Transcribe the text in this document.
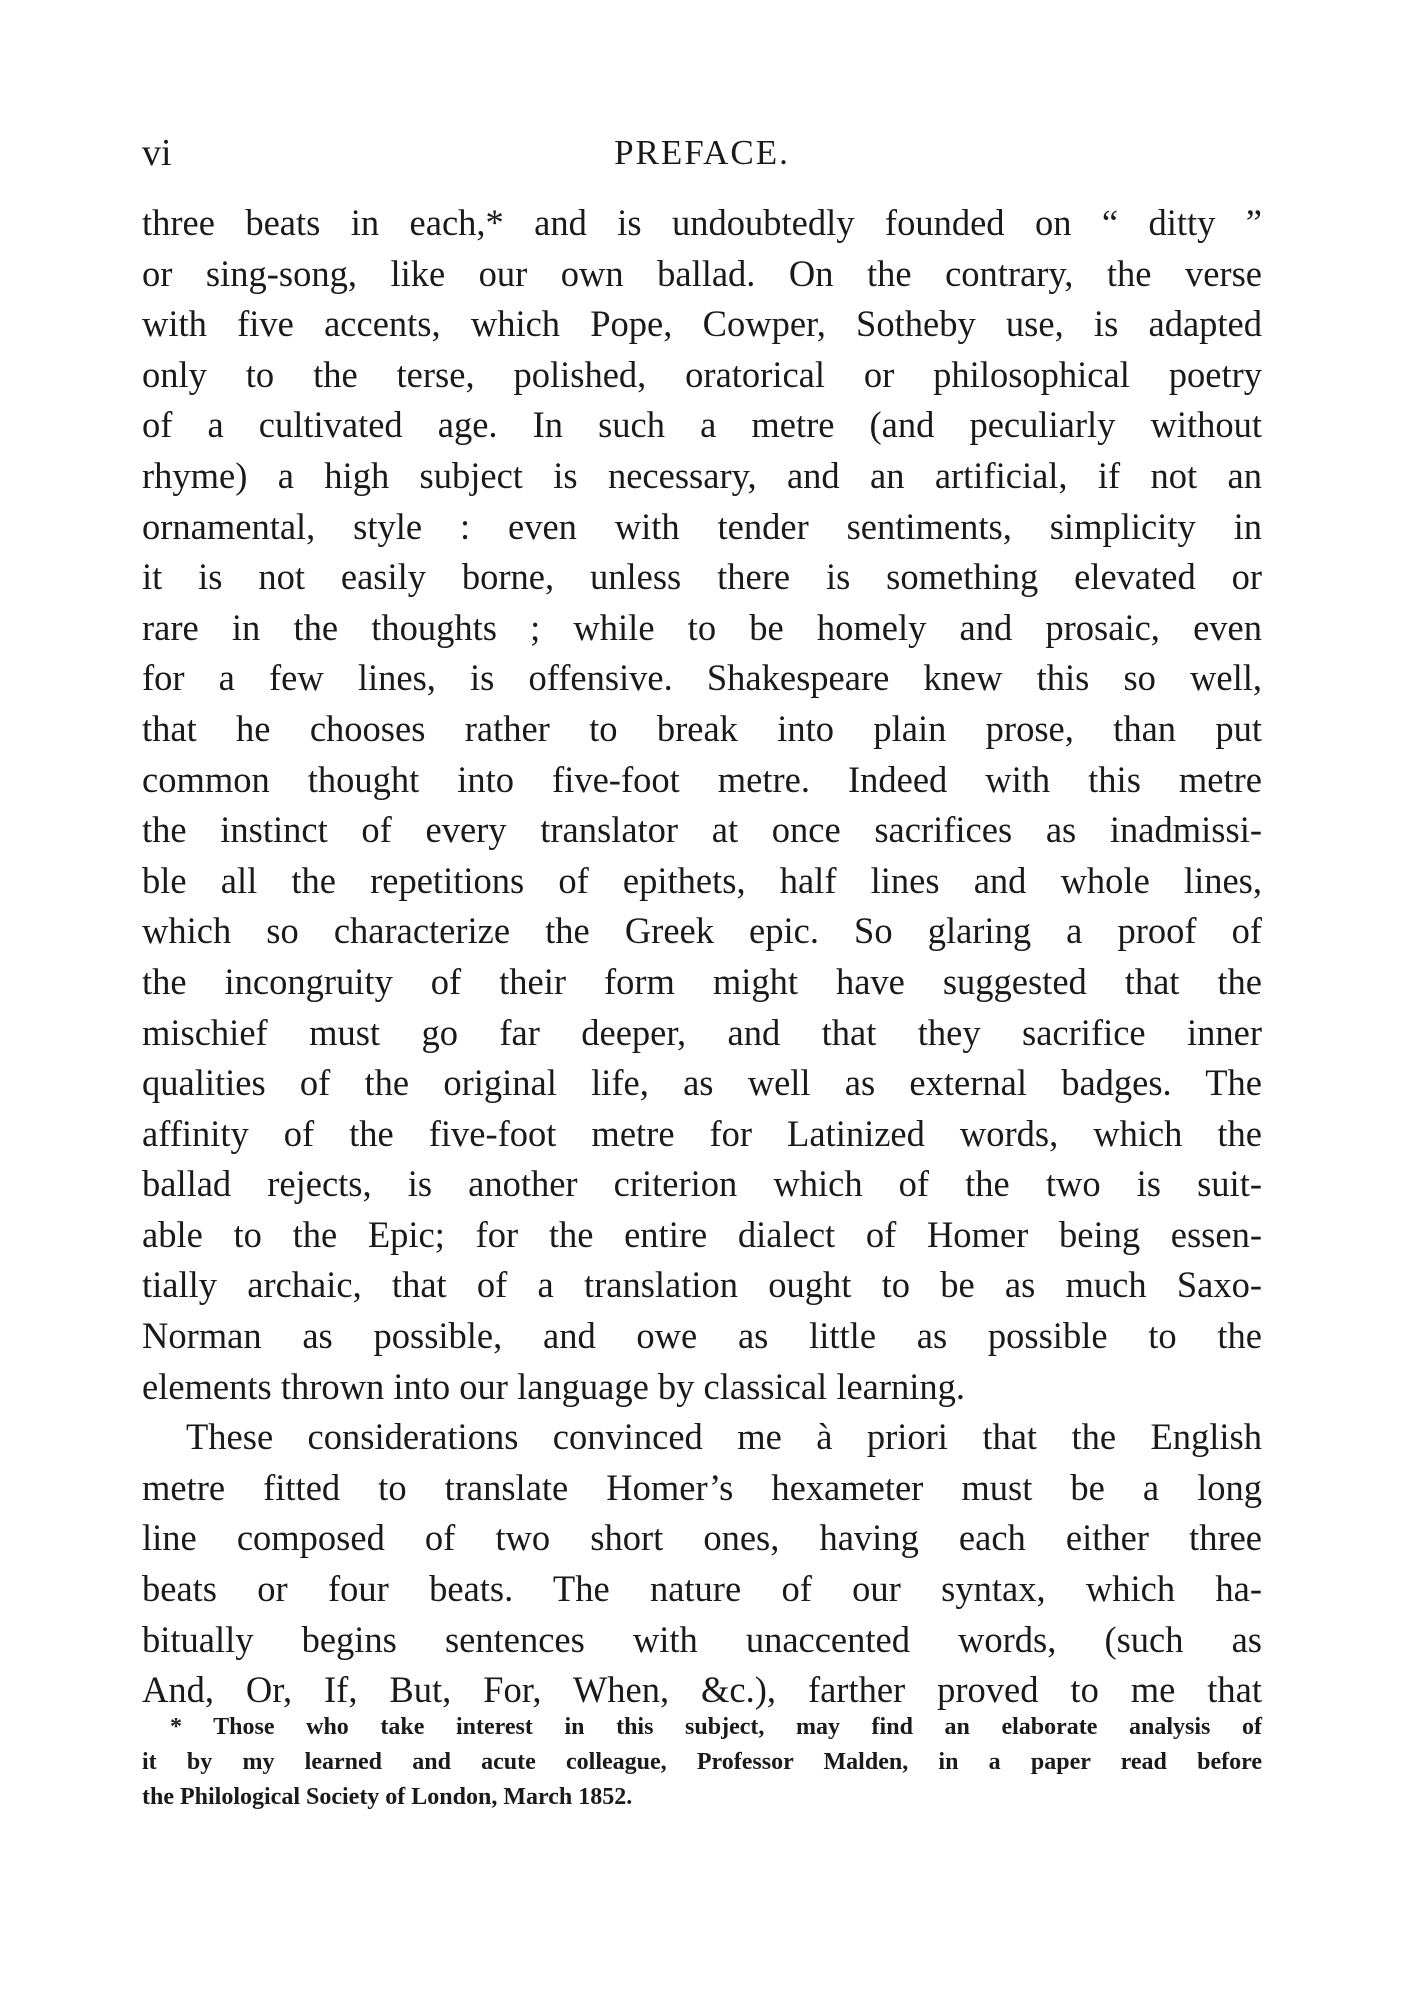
vi	PREFACE.
three beats in each,* and is undoubtedly founded on “ ditty ”
or sing-song, like our own ballad. On the contrary, the verse
with five accents, which Pope, Cowper, Sotheby use, is adapted
only to the terse, polished, oratorical or philosophical poetry
of a cultivated age. In such a metre (and peculiarly without
rhyme) a high subject is necessary, and an artificial, if not an
ornamental, style : even with tender sentiments, simplicity in
it is not easily borne, unless there is something elevated or
rare in the thoughts ; while to be homely and prosaic, even
for a few lines, is offensive. Shakespeare knew this so well,
that he chooses rather to break into plain prose, than put
common thought into five-foot metre. Indeed with this metre
the instinct of every translator at once sacrifices as inadmissi-
ble all the repetitions of epithets, half lines and whole lines,
which so characterize the Greek epic. So glaring a proof of
the incongruity of their form might have suggested that the
mischief must go far deeper, and that they sacrifice inner
qualities of the original life, as well as external badges. The
affinity of the five-foot metre for Latinized words, which the
ballad rejects, is another criterion which of the two is suit-
able to the Epic; for the entire dialect of Homer being essen-
tially archaic, that of a translation ought to be as much Saxo-
Norman as possible, and owe as little as possible to the
elements thrown into our language by classical learning.
These considerations convinced me à priori that the English
metre fitted to translate Homer’s hexameter must be a long
line composed of two short ones, having each either three
beats or four beats. The nature of our syntax, which ha-
bitually begins sentences with unaccented words, (such as
And, Or, If, But, For, When, &c.), farther proved to me that
* Those who take interest in this subject, may find an elaborate analysis of
it by my learned and acute colleague, Professor Malden, in a paper read before
the Philological Society of London, March 1852.
